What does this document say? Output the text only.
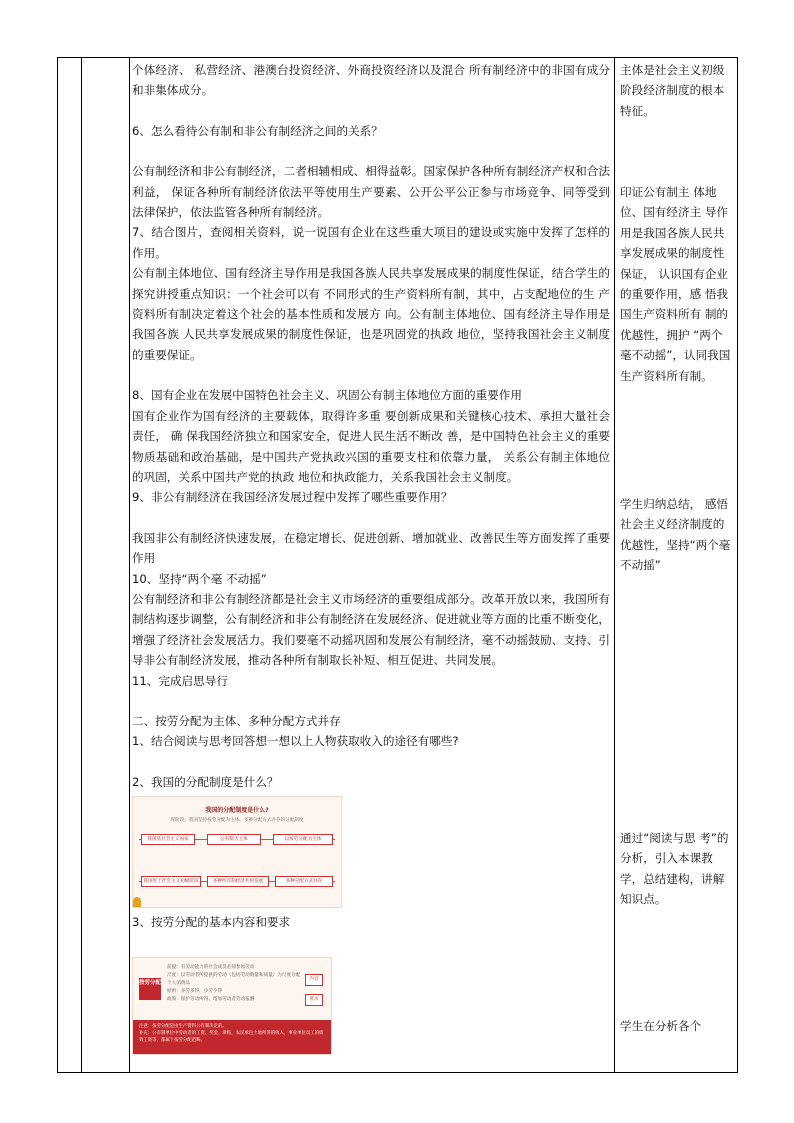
个体经济、 私营经济、港澳台投资经济、外商投资经济以及混合 所有制经济中的非国有成分和非集体成分。

6、怎么看待公有制和非公有制经济之间的关系？

公有制经济和非公有制经济，二者相辅相成、相得益彰。国家保护各种所有制经济产权和合法利益， 保证各种所有制经济依法平等使用生产要素、公开公平公正参与市场竞争、同等受到法律保护，依法监管各种所有制经济。

7、结合图片，查阅相关资料，说一说国有企业在这些重大项目的建设或实施中发挥了怎样的作用。

公有制主体地位、国有经济主导作用是我国各族人民共享发展成果的制度性保证，结合学生的探究讲授重点知识：一个社会可以有 不同形式的生产资料所有制，其中，占支配地位的生 产资料所有制决定着这个社会的基本性质和发展方 向。公有制主体地位、国有经济主导作用是我国各族 人民共享发展成果的制度性保证，也是巩固党的执政 地位，坚持我国社会主义制度的重要保证。

8、国有企业在发展中国特色社会主义、巩固公有制主体地位方面的重要作用

国有企业作为国有经济的主要载体，取得许多重 要创新成果和关键核心技术、承担大量社会责任， 确 保我国经济独立和国家安全，促进人民生活不断改 善，是中国特色社会主义的重要物质基础和政治基础，是中国共产党执政兴国的重要支柱和依靠力量， 关系公有制主体地位的巩固，关系中国共产党的执政 地位和执政能力，关系我国社会主义制度。

9、非公有制经济在我国经济发展过程中发挥了哪些重要作用？

我国非公有制经济快速发展，在稳定增长、促进创新、增加就业、改善民生等方面发挥了重要作用

10、坚持“两个毫 不动摇”

公有制经济和非公有制经济都是社会主义市场经济的重要组成部分。改革开放以来，我国所有制结构逐步调整，公有制经济和非公有制经济在发展经济、促进就业等方面的比重不断变化，增强了经济社会发展活力。我们要毫不动摇巩固和发展公有制经济，毫不动摇鼓励、支持、引导非公有制经济发展，推动各种所有制取长补短、相互促进、共同发展。

11、完成启思导行

二、按劳分配为主体、多种分配方式并存

1、结合阅读与思考回答想一想以上人物获取收入的途径有哪些?

2、我国的分配制度是什么？

我国的分配制度是什么?
现阶段，我国坚持按劳分配为主体、多种分配方式并存的分配制度
我国基社会主义国家	公有制为主体	以按劳分配为主体
我国处于社会主义初级阶段	多种所有制经济共同发展	多种分配方式并存

3、按劳分配的基本内容和要求

按劳分配
前提：有劳动能力的社会成员必须参加劳动
尺度：以劳动者所提供的劳动（包括劳动数量和质量）为尺度分配个人消费品
原则：多劳多得，少劳少得
政策：保护劳动所得，增加劳动者劳动报酬
内容
要求
注意：按劳分配是由生产资料公有制决定的。
补充：公有制单位中劳动者的工资、奖金、津贴，农民承包土地所得的收入，事业单位员工的绩效工资等，都属于按劳分配范畴。
主体是社会主义初级阶段经济制度的根本特征。
印证公有制主 体地位、国有经济主 导作用是我国各族人民共享发展成果的制度性保证， 认识国有企业的重要作用，感 悟我国生产资料所有 制的优越性，拥护 “两个毫不动摇”，认同我国生产资料所有制。
学生归纳总结， 感悟社会主义经济制度的优越性，坚持“两个毫不动摇”
通过“阅读与思 考”的分析，引入本课教学，总结建构，讲解 知识点。
学生在分析各个
